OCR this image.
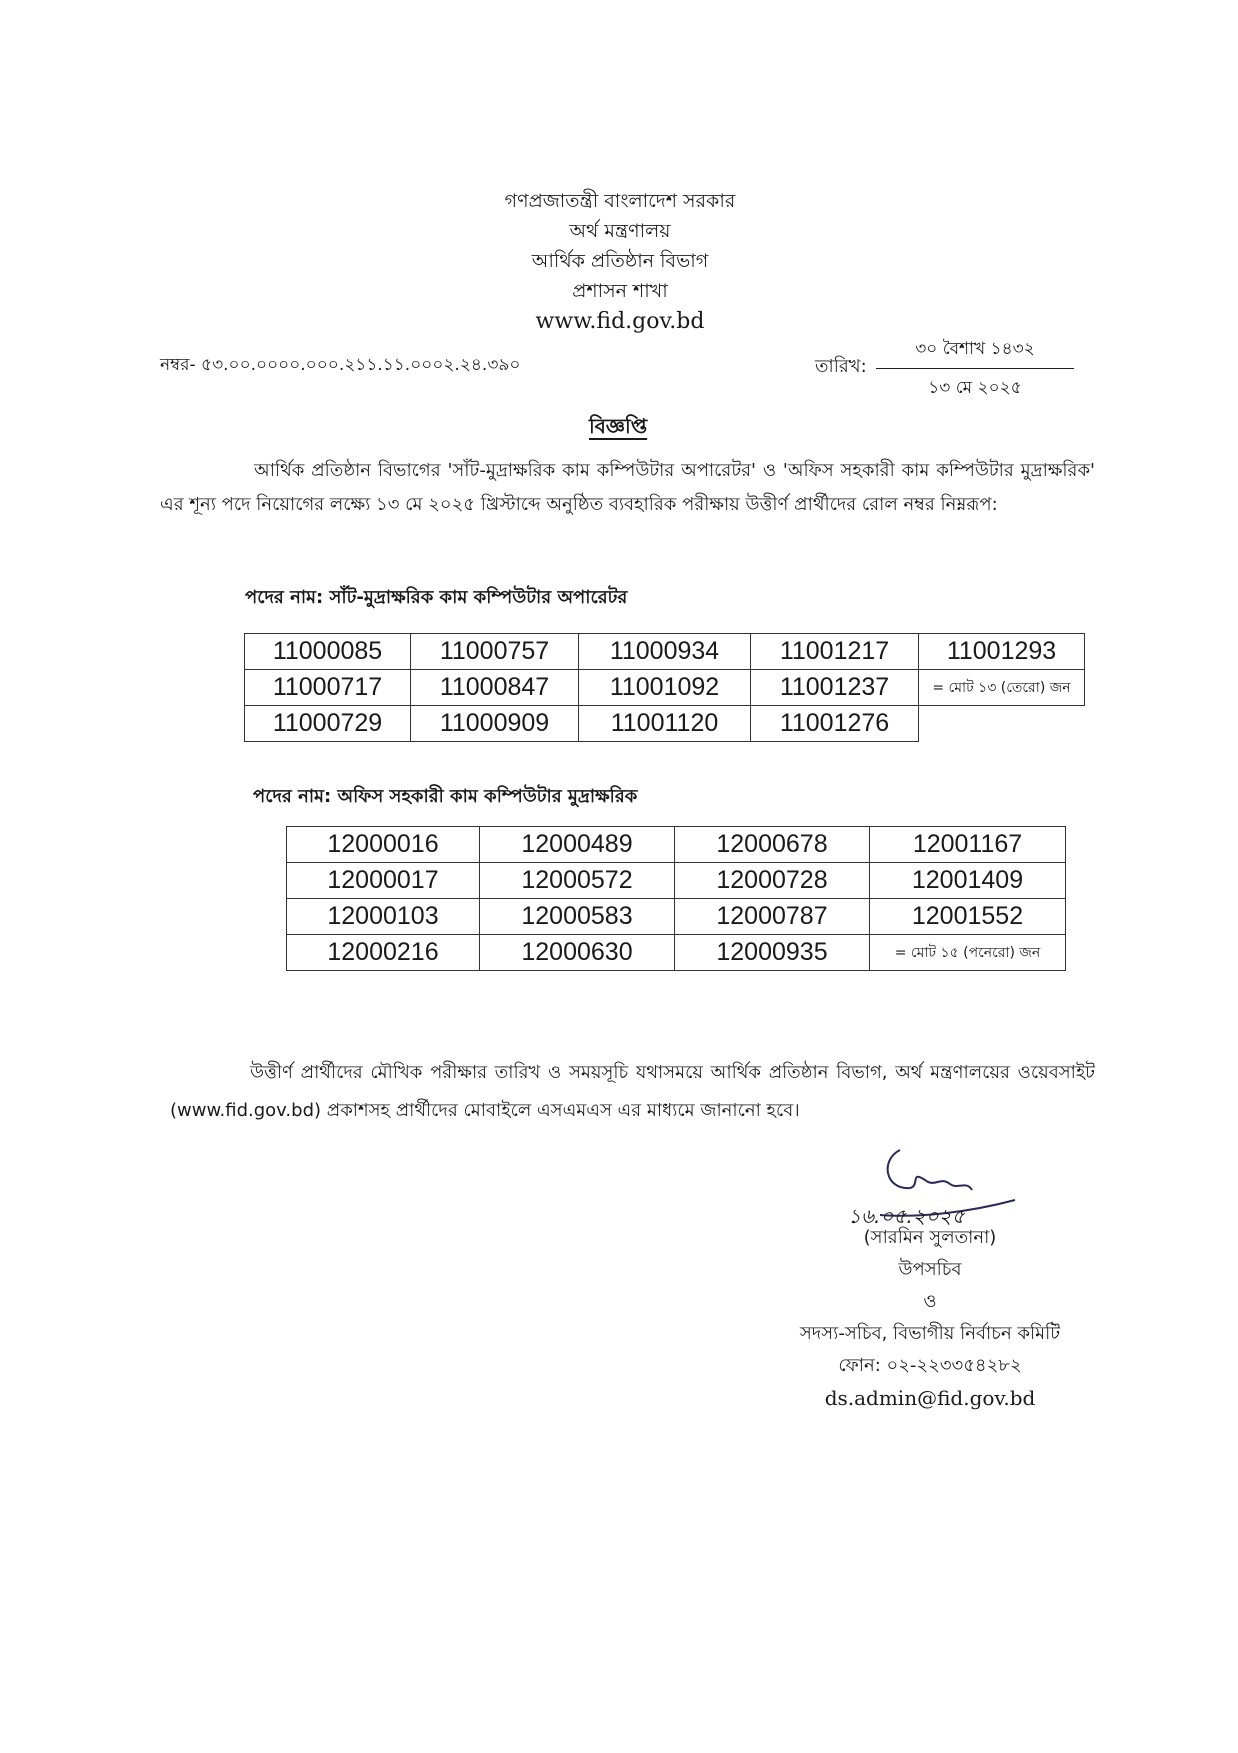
গণপ্রজাতন্ত্রী বাংলাদেশ সরকার
অর্থ মন্ত্রণালয়
আর্থিক প্রতিষ্ঠান বিভাগ
প্রশাসন শাখা
www.fid.gov.bd
নম্বর- ৫৩.০০.০০০০.০০০.২১১.১১.০০০২.২৪.৩৯০	তারিখ:
৩০ বৈশাখ ১৪৩২
১৩ মে ২০২৫
বিজ্ঞপ্তি
আর্থিক প্রতিষ্ঠান বিভাগের 'সাঁট-মুদ্রাক্ষরিক কাম কম্পিউটার অপারেটর' ও 'অফিস সহকারী কাম কম্পিউটার মুদ্রাক্ষরিক' এর শূন্য পদে নিয়োগের লক্ষ্যে ১৩ মে ২০২৫ খ্রিস্টাব্দে অনুষ্ঠিত ব্যবহারিক পরীক্ষায় উত্তীর্ণ প্রার্থীদের রোল নম্বর নিম্নরূপ:
পদের নাম: সাঁট-মুদ্রাক্ষরিক কাম কম্পিউটার অপারেটর
11000085	11000757	11000934	11001217	11001293
11000717	11000847	11001092	11001237	= মোট ১৩ (তেরো) জন
11000729	11000909	11001120	11001276	
পদের নাম: অফিস সহকারী কাম কম্পিউটার মুদ্রাক্ষরিক
12000016	12000489	12000678	12001167
12000017	12000572	12000728	12001409
12000103	12000583	12000787	12001552
12000216	12000630	12000935	= মোট ১৫ (পনেরো) জন
উত্তীর্ণ প্রার্থীদের মৌখিক পরীক্ষার তারিখ ও সময়সূচি যথাসময়ে আর্থিক প্রতিষ্ঠান বিভাগ, অর্থ মন্ত্রণালয়ের ওয়েবসাইট (www.fid.gov.bd) প্রকাশসহ প্রার্থীদের মোবাইলে এসএমএস এর মাধ্যমে জানানো হবে।
১৬.০৫.২০২৫
(সারমিন সুলতানা)
উপসচিব
ও
সদস্য-সচিব, বিভাগীয় নির্বাচন কমিটি
ফোন: ০২-২২৩৩৫৪২৮২
ds.admin@fid.gov.bd
